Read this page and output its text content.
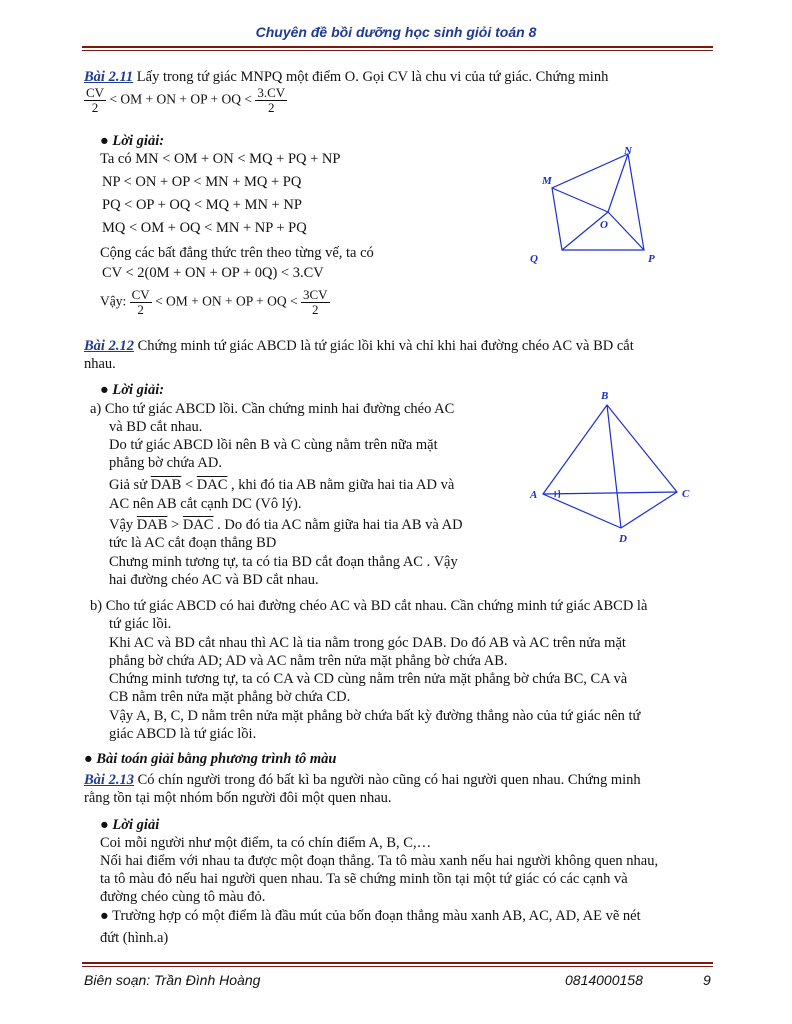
Chuyên đề bồi dưỡng học sinh giỏi toán 8
Bài 2.11 Lấy trong tứ giác MNPQ một điểm O. Gọi CV là chu vi của tứ giác. Chứng minh
$\frac{CV}{2}$ < OM + ON + OP + OQ < $\frac{3.CV}{2}$
● Lời giải:
Ta có MN < OM + ON < MQ + PQ + NP
NP < ON + OP < MN + MQ + PQ
PQ < OP + OQ < MQ + MN + NP
MQ < OM + OQ < MN + NP + PQ
Cộng các bất đẳng thức trên theo từng vế, ta có
CV < 2(0M + ON + OP + 0Q) < 3.CV
Vậy: $\frac{CV}{2}$ < OM + ON + OP + OQ < $\frac{3CV}{2}$
N
M
O
Q	P
Bài 2.12 Chứng minh tứ giác ABCD là tứ giác lồi khi và chỉ khi hai đường chéo AC và BD cắt
nhau.
● Lời giải:
a) Cho tứ giác ABCD lồi. Cần chứng minh hai đường chéo AC
và BD cắt nhau.
Do tứ giác ABCD lồi nên B và C cùng nằm trên nữa mặt
phẳng bờ chứa AD.
Giả sử $\overline{DAB} < \overline{DAC}$ , khi đó tia AB nằm giữa hai tia AD và
AC nên AB cắt cạnh DC (Vô lý).
Vậy $\overline{DAB} > \overline{DAC}$ . Do đó tia AC nằm giữa hai tia AB và AD
tức là AC cắt đoạn thẳng BD
Chưng minh tương tự, ta có tia BD cắt đoạn thẳng AC . Vậy
hai đường chéo AC và BD cắt nhau.
B
A	C
D
b) Cho tứ giác ABCD có hai đường chéo AC và BD cắt nhau. Cần chứng minh tứ giác ABCD là
tứ giác lồi.
Khi AC và BD cắt nhau thì AC là tia nằm trong góc DAB. Do đó AB và AC trên nửa mặt
phẳng bờ chứa AD; AD và AC nằm trên nửa mặt phẳng bờ chứa AB.
Chứng minh tương tự, ta có CA và CD cùng nằm trên nửa mặt phẳng bờ chứa BC, CA và
CB nằm trên nửa mặt phẳng bờ chứa CD.
Vậy A, B, C, D nằm trên nửa mặt phẳng bờ chứa bất kỳ đường thẳng nào của tứ giác nên tứ
giác ABCD là tứ giác lồi.
● Bài toán giải bằng phương trình tô màu
Bài 2.13 Có chín người trong đó bất kì ba người nào cũng có hai người quen nhau. Chứng minh
rằng tồn tại một nhóm bốn người đôi một quen nhau.
● Lời giải
Coi mỗi người như một điểm, ta có chín điểm A, B, C,…
Nối hai điểm với nhau ta được một đoạn thẳng. Ta tô màu xanh nếu hai người không quen nhau,
ta tô màu đỏ nếu hai người quen nhau. Ta sẽ chứng minh tồn tại một tứ giác có các cạnh và
đường chéo cùng tô màu đỏ.
● Trường hợp có một điểm là đầu mút của bốn đoạn thẳng màu xanh AB, AC, AD, AE vẽ nét
đứt (hình.a)
Biên soạn: Trần Đình Hoàng	0814000158	9
